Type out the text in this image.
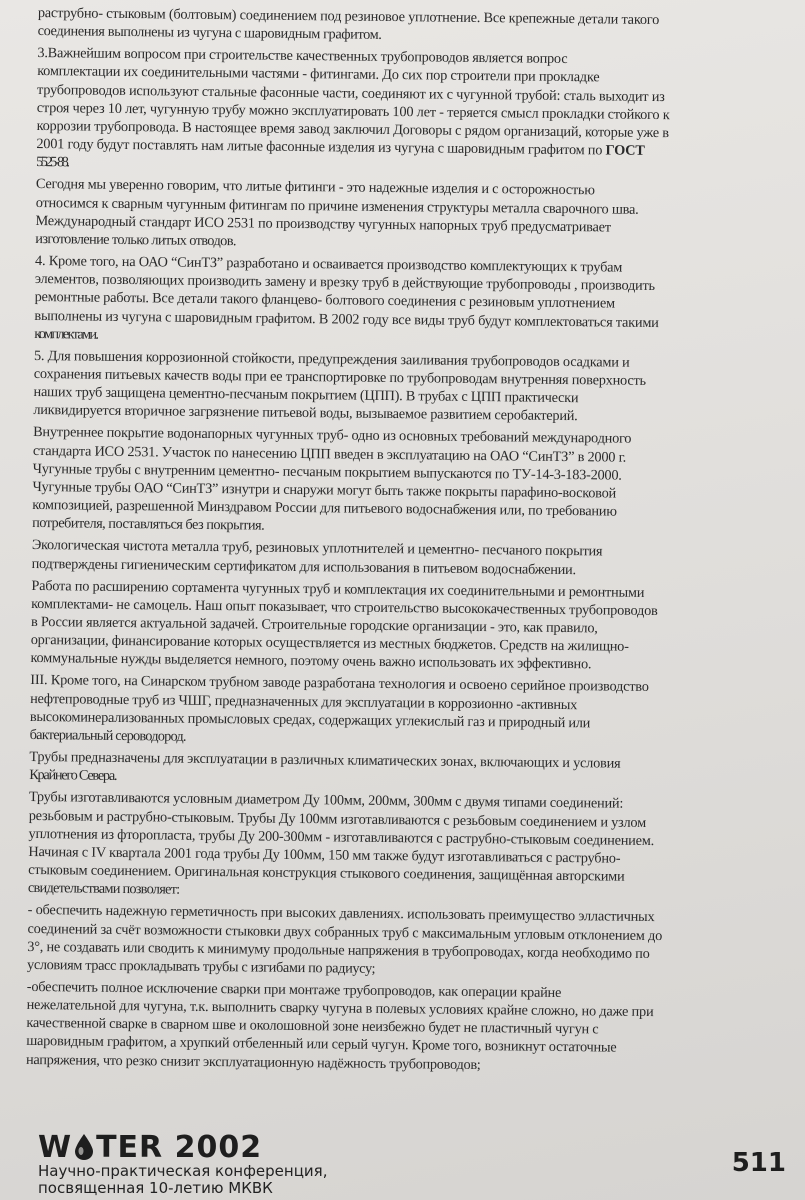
раструбно- стыковым (болтовым) соединением под резиновое уплотнение. Все крепежные детали такого
соединения выполнены из чугуна с шаровидным графитом.
3.Важнейшим вопросом при строительстве качественных трубопроводов является вопрос
комплектации их соединительными частями - фитингами. До сих пор строители при прокладке
трубопроводов используют стальные фасонные части, соединяют их с чугунной трубой: сталь выходит из
строя через 10 лет, чугунную трубу можно эксплуатировать 100 лет - теряется смысл прокладки стойкого к
коррозии трубопровода. В настоящее время завод заключил Договоры с рядом организаций, которые уже в
2001 году будут поставлять нам литые фасонные изделия из чугуна с шаровидным графитом по ГОСТ
5525-88.
Сегодня мы уверенно говорим, что литые фитинги - это надежные изделия и с осторожностью
относимся к сварным чугунным фитингам по причине изменения структуры металла сварочного шва.
Международный стандарт ИСО 2531 по производству чугунных напорных труб предусматривает
изготовление только литых отводов.
4. Кроме того, на ОАО “СинТЗ” разработано и осваивается производство комплектующих к трубам
элементов, позволяющих производить замену и врезку труб в действующие трубопроводы , производить
ремонтные работы. Все детали такого фланцево- болтового соединения с резиновым уплотнением
выполнены из чугуна с шаровидным графитом. В 2002 году все виды труб будут комплектоваться такими
комплектами.
5. Для повышения коррозионной стойкости, предупреждения заиливания трубопроводов осадками и
сохранения питьевых качеств воды при ее транспортировке по трубопроводам внутренняя поверхность
наших труб защищена цементно-песчаным покрытием (ЦПП). В трубах с ЦПП практически
ликвидируется вторичное загрязнение питьевой воды, вызываемое развитием серобактерий.
Внутреннее покрытие водонапорных чугунных труб- одно из основных требований международного
стандарта ИСО 2531. Участок по нанесению ЦПП введен в эксплуатацию на ОАО “СинТЗ” в 2000 г.
Чугунные трубы с внутренним цементно- песчаным покрытием выпускаются по ТУ-14-3-183-2000.
Чугунные трубы ОАО “СинТЗ” изнутри и снаружи могут быть также покрыты парафино-восковой
композицией, разрешенной Минздравом России для питьевого водоснабжения или, по требованию
потребителя, поставляться без покрытия.
Экологическая чистота металла труб, резиновых уплотнителей и цементно- песчаного покрытия
подтверждены гигиеническим сертификатом для использования в питьевом водоснабжении.
Работа по расширению сортамента чугунных труб и комплектация их соединительными и ремонтными
комплектами- не самоцель. Наш опыт показывает, что строительство высококачественных трубопроводов
в России является актуальной задачей. Строительные городские организации - это, как правило,
организации, финансирование которых осуществляется из местных бюджетов. Средств на жилищно-
коммунальные нужды выделяется немного, поэтому очень важно использовать их эффективно.
III. Кроме того, на Синарском трубном заводе разработана технология и освоено серийное производство
нефтепроводные труб из ЧШГ, предназначенных для эксплуатации в коррозионно -активных
высокоминерализованных промысловых средах, содержащих углекислый газ и природный или
бактериальный сероводород.
Трубы предназначены для эксплуатации в различных климатических зонах, включающих и условия
Крайнего Севера.
Трубы изготавливаются условным диаметром Ду 100мм, 200мм, 300мм с двумя типами соединений:
резьбовым и раструбно-стыковым. Трубы Ду 100мм изготавливаются с резьбовым соединением и узлом
уплотнения из фторопласта, трубы Ду 200-300мм - изготавливаются с раструбно-стыковым соединением.
Начиная с IV квартала 2001 года трубы Ду 100мм, 150 мм также будут изготавливаться с раструбно-
стыковым соединением. Оригинальная конструкция стыкового соединения, защищённая авторскими
свидетельствами позволяет:
- обеспечить надежную герметичность при высоких давлениях. использовать преимущество элластичных
соединений за счёт возможности стыковки двух собранных труб с максимальным угловым отклонением до
3°, не создавать или сводить к минимуму продольные напряжения в трубопроводах, когда необходимо по
условиям трасс прокладывать трубы с изгибами по радиусу;
-обеспечить полное исключение сварки при монтаже трубопроводов, как операции крайне
нежелательной для чугуна, т.к. выполнить сварку чугуна в полевых условиях крайне сложно, но даже при
качественной сварке в сварном шве и околошовной зоне неизбежно будет не пластичный чугун с
шаровидным графитом, а хрупкий отбеленный или серый чугун. Кроме того, возникнут остаточные
напряжения, что резко снизит эксплуатационную надёжность трубопроводов;
W TER 2002
Научно-практическая конференция,
посвященная 10-летию МКВК
511
